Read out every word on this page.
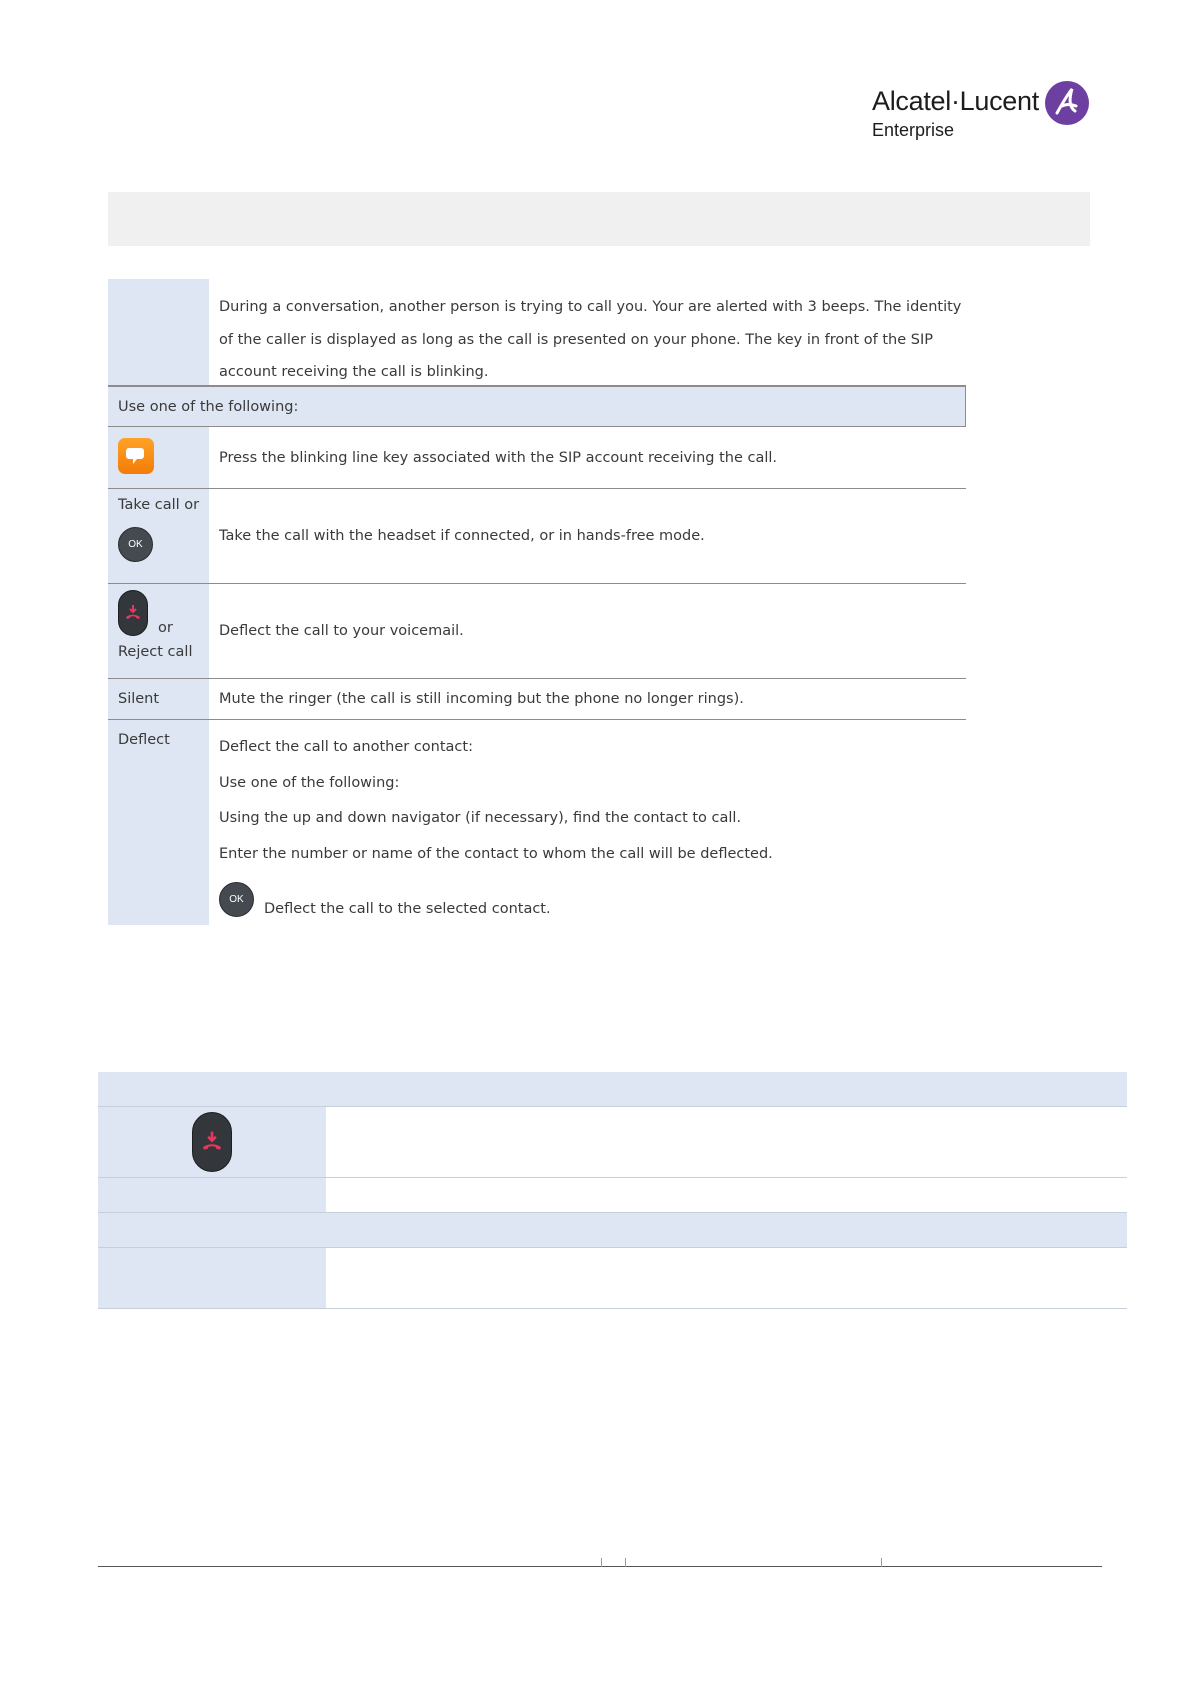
Alcatel·Lucent
Enterprise
During a conversation, another person is trying to call you. Your are alerted with 3 beeps. The identity of the caller is displayed as long as the call is presented on your phone. The key in front of the SIP account receiving the call is blinking.
Use one of the following:
Press the blinking line key associated with the SIP account receiving the call.
Take call or
OK
Take the call with the headset if connected, or in hands-free mode.
or
Reject call
Deflect the call to your voicemail.
Silent	Mute the ringer (the call is still incoming but the phone no longer rings).
Deflect	Deflect the call to another contact:
Use one of the following:
Using the up and down navigator (if necessary), find the contact to call.
Enter the number or name of the contact to whom the call will be deflected.
OK
Deflect the call to the selected contact.
